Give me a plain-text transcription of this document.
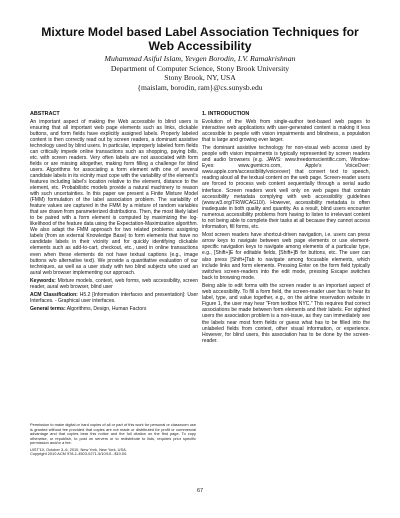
Mixture Model based Label Association Techniques for Web Accessibility
Muhammad Asiful Islam, Yevgen Borodin, I.V. Ramakrishnan
Department of Computer Science, Stony Brook University
Stony Brook, NY, USA
{maislam, borodin, ram}@cs.sunysb.edu
ABSTRACT
An important aspect of making the Web accessible to blind users is ensuring that all important web page elements such as links, clickable buttons, and form fields have explicitly assigned labels. Properly labeled content is then correctly read out by screen readers, a dominant assistive technology used by blind users. In particular, improperly labeled form fields can critically impede online transactions such as shopping, paying bills, etc. with screen readers. Very often labels are not associated with form fields or are missing altogether, making form filling a challenge for blind users. Algorithms for associating a form element with one of several candidate labels in its vicinity must cope with the variability of the element's features including label's location relative to the element, distance to the element, etc. Probabilistic models provide a natural machinery to reason with such uncertainties. In this paper we present a Finite Mixture Model (FMM) formulation of the label association problem. The variability of feature values are captured in the FMM by a mixture of random variables that are drawn from parameterized distributions. Then, the most likely label to be paired with a form element is computed by maximizing the log-likelihood of the feature data using the Expectation-Maximization algorithm. We also adapt the FMM approach for two related problems: assigning labels (from an external Knowledge Base) to form elements that have no candidate labels in their vicinity and for quickly identifying clickable elements such as add-to-cart, checkout, etc., used in online transactions even when these elements do not have textual captions (e.g., image buttons w/o alternative text). We provide a quantitative evaluation of our techniques, as well as a user study with two blind subjects who used an aural web browser implementing our approach.
Keywords: Mixture models, context, web forms, web accessibility, screen reader, aural web browser, blind user
ACM Classification: H5.2 [Information interfaces and presentation]: User Interfaces. - Graphical user interfaces.
General terms: Algorithms, Design, Human Factors

Permission to make digital or hard copies of all or part of this work for personal or classroom use is granted without fee provided that copies are not made or distributed for profit or commercial advantage and that copies bear this notice and the full citation on the first page. To copy otherwise, or republish, to post on servers or to redistribute to lists, requires prior specific permission and/or a fee.

UIST'10, October 3–6, 2010, New York, New York, USA.
Copyright 2010 ACM 978-1-4503-0271-5/10/10...$10.00.
1. INTRODUCTION
Evolution of the Web from single-author text-based web pages to interactive web applications with user-generated content is making it less accessible to people with vision impairments and blindness, a population that is large and growing ever larger.
The dominant assistive technology for non-visual web access used by people with vision impairments is typically represented by screen readers and audio browsers (e.g. JAWS: www.freedomscientific.com, Window-Eyes: www.gwmicro.com, Apple's VoiceOver: www.apple.com/accessibility/voiceover) that convert text to speech, reading aloud all the textual content on the web page. Screen-reader users are forced to process web content sequentially through a serial audio interface. Screen readers work well only on web pages that contain accessibility metadata complying with web accessibility guidelines (www.w3.org/TR/WCAG10/). However, accessibility metadata is often inadequate in both quality and quantity. As a result, blind users encounter numerous accessibility problems from having to listen to irrelevant content to not being able to complete their tasks at all because they cannot access information, fill forms, etc.
Most screen readers have shortcut-driven navigation, i.e. users can press arrow keys to navigate between web page elements or use element-specific navigation keys to navigate among elements of a particular type, e.g., [Shift+]E for editable fields, [Shift+]B for buttons, etc. The user can also press [Shift+]Tab to navigate among focusable elements, which include links and form elements. Pressing Enter on the form field typically switches screen-readers into the edit mode, pressing Escape switches back to browsing mode.
Being able to edit forms with the screen reader is an important aspect of web accessibility. To fill a form field, the screen-reader user has to hear its label, type, and value together, e.g., on the airline reservation website in Figure 1, the user may hear "From textbox NYC." This requires that correct associations be made between form elements and their labels. For sighted users the association problem is a non-issue, as they can immediately see the labels near most form fields or guess what has to be filled into the unlabeled fields from context, other visual information, or experience. However, for blind users, this association has to be done by the screen-reader.
67
